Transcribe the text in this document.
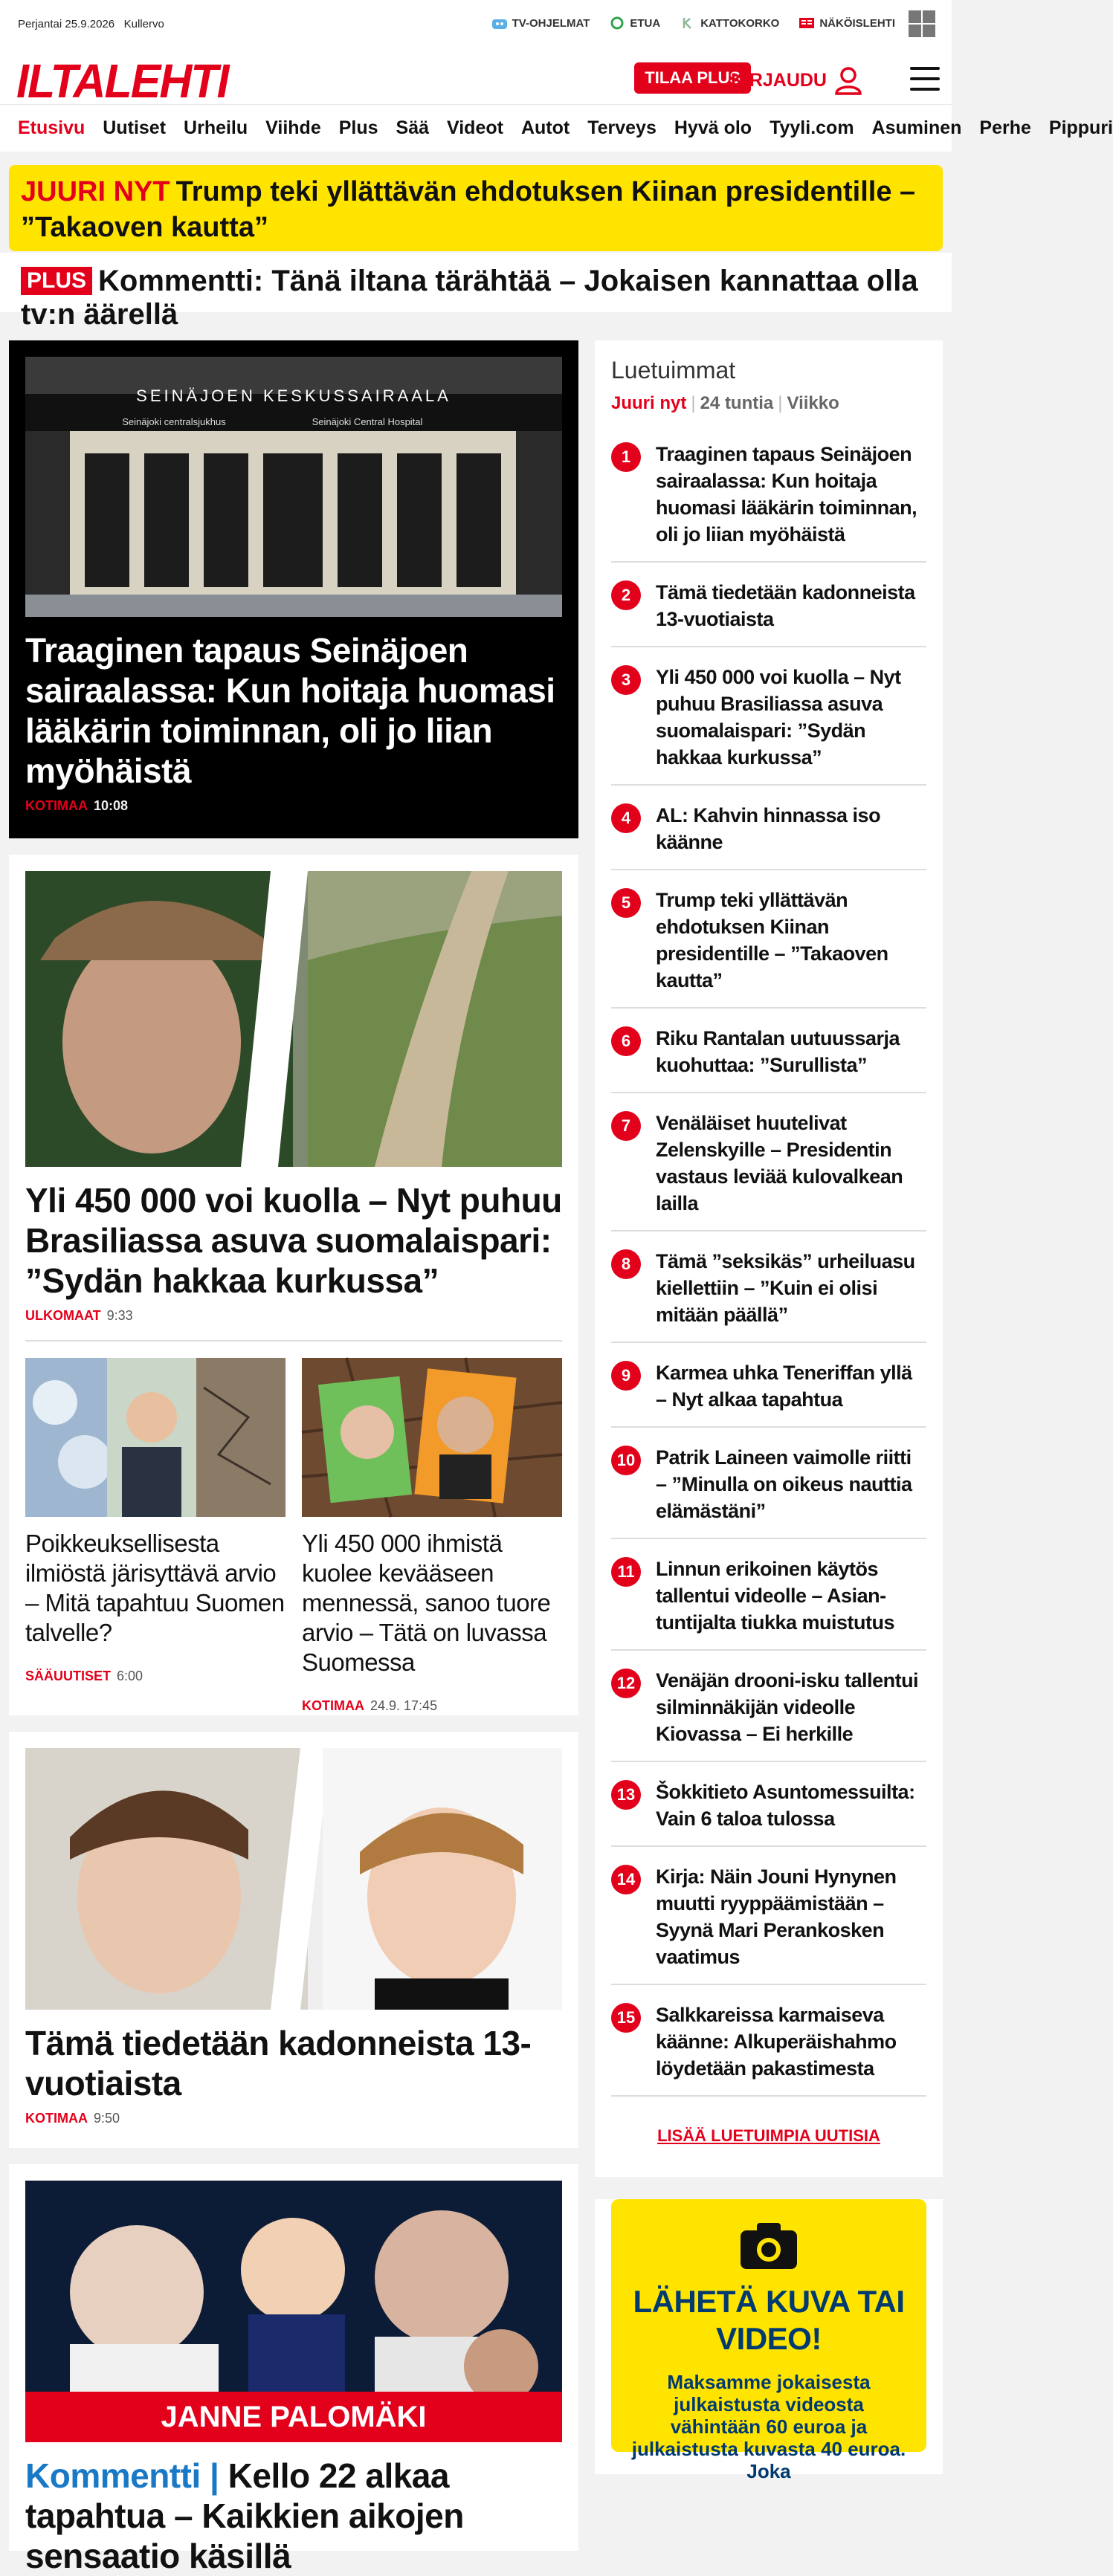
Perjantai 25.9.2026 Kullervo	TV-OHJELMAT	ETUA	KATTOKORKO	NÄKÖISLEHTI
ILTALEHTI	TILAA PLUS
KIRJAUDU
Etusivu Uutiset Urheilu Viihde Plus Sää Videot Autot Terveys Hyvä olo Tyyli.com Asuminen Perhe Pippuri
JUURI NYT Trump teki yllättävän ehdotuksen Kiinan presidentille – ”Takaoven kautta”
PLUS Kommentti: Tänä iltana tärähtää – Jokaisen kannattaa olla tv:n äärellä
SEINÄJOEN KESKUSSAIRAALA
Seinäjoki centralsjukhus	Seinäjoki Central Hospital
Traaginen tapaus Seinäjoen sairaalassa: Kun hoitaja huomasi lääkärin toiminnan, oli jo liian myöhäistä
KOTIMAA 10:08
Yli 450 000 voi kuolla – Nyt puhuu Brasiliassa asuva suomalaispari: ”Sydän hakkaa kurkussa”
ULKOMAAT 9:33
Poikkeuksellisesta ilmiöstä järisyttävä arvio – Mitä tapahtuu Suomen talvelle?
SÄÄUUTISET 6:00
Yli 450 000 ihmistä kuolee kevääseen mennessä, sanoo tuore arvio – Tätä on luvassa Suomessa
KOTIMAA 24.9. 17:45
Tämä tiedetään kadonneista 13-vuotiaista
KOTIMAA 9:50
JANNE PALOMÄKI
Kommentti | Kello 22 alkaa tapahtua – Kaikkien aikojen sensaatio käsillä
Luetuimmat
Juuri nyt | 24 tuntia | Viikko
1	Traaginen tapaus Seinäjoen sairaalassa: Kun hoitaja huomasi lääkärin toiminnan, oli jo liian myöhäistä
2	Tämä tiedetään kadonneista 13-vuotiaista
3	Yli 450 000 voi kuolla – Nyt puhuu Brasiliassa asuva suomalaispari: ”Sydän hakkaa kurkussa”
4	AL: Kahvin hinnassa iso käänne
5	Trump teki yllättävän ehdotuksen Kiinan presidentille – ”Takaoven kautta”
6	Riku Rantalan uutuussarja kuohuttaa: ”Surullista”
7	Venäläiset huutelivat Zelenskyille – Presidentin vastaus leviää kulovalkean lailla
8	Tämä ”seksikäs” urheiluasu kiellettiin – ”Kuin ei olisi mitään päällä”
9	Karmea uhka Teneriffan yllä – Nyt alkaa tapahtua
10 Patrik Laineen vaimolle riitti – ”Minulla on oikeus nauttia elämästäni”
11	Linnun erikoinen käytös tallentui videolle – Asian-tuntijalta tiukka muistutus
12 Venäjän drooni-isku tallentui silminnäkijän videolle Kiovassa – Ei herkille
13 Šokkitieto Asuntomessuilta: Vain 6 taloa tulossa
14 Kirja: Näin Jouni Hynynen muutti ryyppäämistään – Syynä Mari Perankosken vaatimus
15 Salkkareissa karmaiseva käänne: Alkuperäishahmo löydetään pakastimesta
LISÄÄ LUETUIMPIA UUTISIA
LÄHETÄ KUVA TAI VIDEO!

Maksamme jokaisesta julkaistusta videosta vähintään 60 euroa ja julkaistusta kuvasta 40 euroa. Joka
